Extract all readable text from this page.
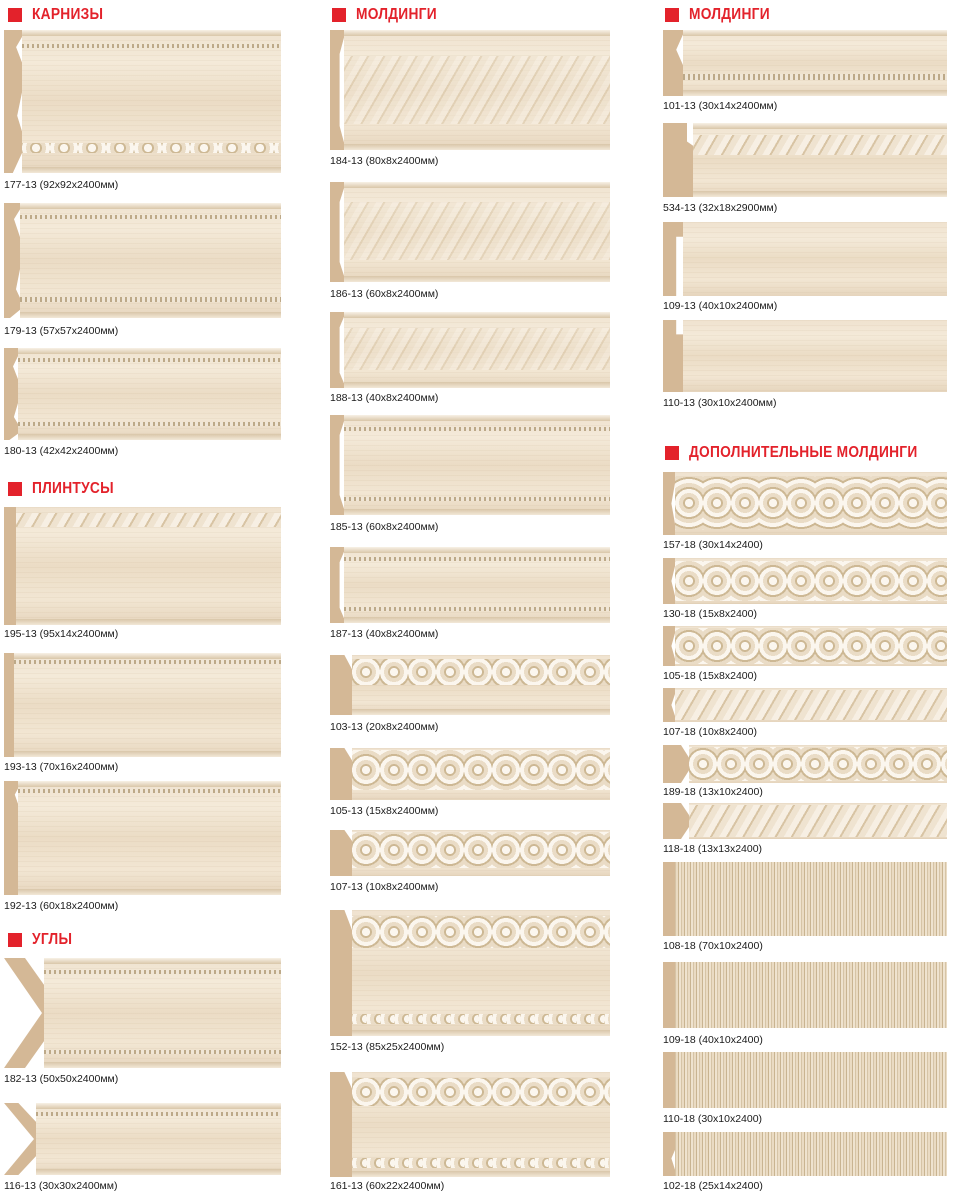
КАРНИЗЫ
177-13 (92x92x2400мм)
179-13 (57x57x2400мм)
180-13 (42x42x2400мм)
ПЛИНТУСЫ
195-13 (95x14x2400мм)
193-13 (70x16x2400мм)
192-13 (60x18x2400мм)
УГЛЫ
182-13 (50x50x2400мм)
116-13 (30x30x2400мм)
МОЛДИНГИ
184-13 (80x8x2400мм)
186-13 (60x8x2400мм)
188-13 (40x8x2400мм)
185-13 (60x8x2400мм)
187-13 (40x8x2400мм)
103-13 (20x8x2400мм)
105-13 (15x8x2400мм)
107-13 (10x8x2400мм)
152-13 (85x25x2400мм)
161-13 (60x22x2400мм)
МОЛДИНГИ
101-13 (30x14x2400мм)
534-13 (32x18x2900мм)
109-13 (40x10x2400мм)
110-13 (30x10x2400мм)
ДОПОЛНИТЕЛЬНЫЕ МОЛДИНГИ
157-18 (30x14x2400)
130-18 (15x8x2400)
105-18 (15x8x2400)
107-18 (10x8x2400)
189-18 (13x10x2400)
118-18 (13x13x2400)
108-18 (70x10x2400)
109-18 (40x10x2400)
110-18 (30x10x2400)
102-18 (25x14x2400)
